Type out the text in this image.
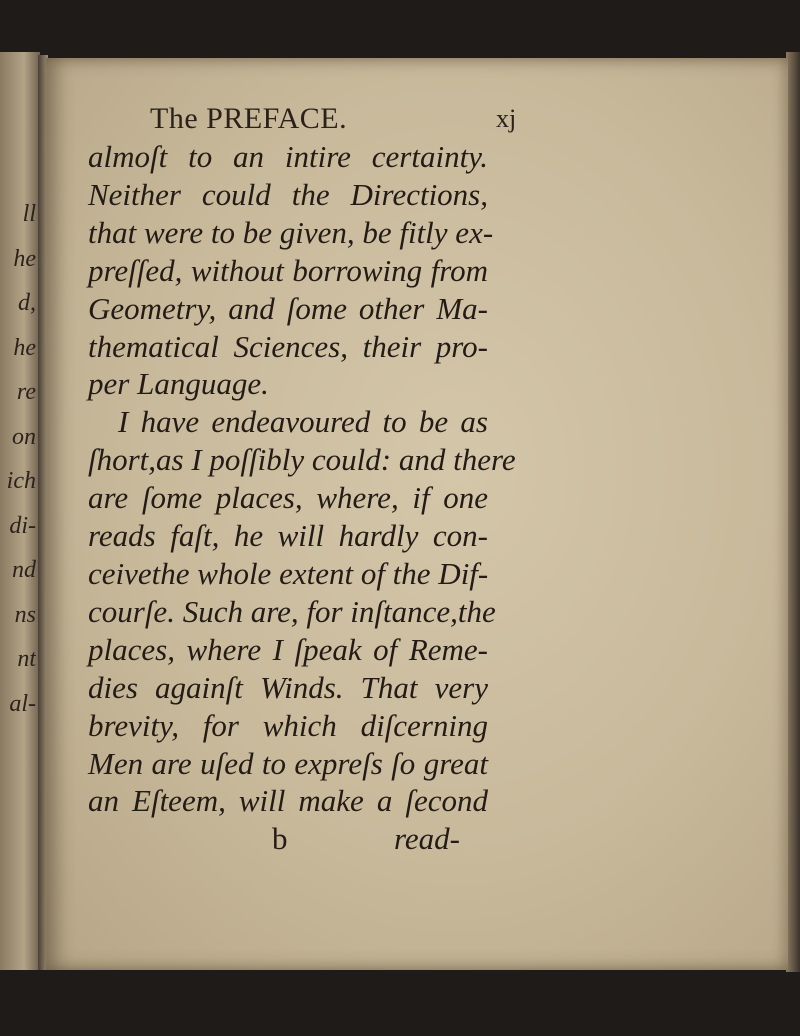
ll
he
d,
he
re
on
ich
di-
nd
ns
nt
al-
The PREFACE.	xj
almoſt to an intire certainty.
Neither could the Directions,
that were to be given, be fitly ex-
preſſed, without borrowing from
Geometry, and ſome other Ma-
thematical Sciences, their pro-
per Language.
I have endeavoured to be as
ſhort,as I poſſibly could: and there
are ſome places, where, if one
reads faſt, he will hardly con-
ceivethe whole extent of the Dif-
courſe. Such are, for inſtance,the
places, where I ſpeak of Reme-
dies againſt Winds. That very
brevity, for which diſcerning
Men are uſed to expreſs ſo great
an Eſteem, will make a ſecond
b	read-
